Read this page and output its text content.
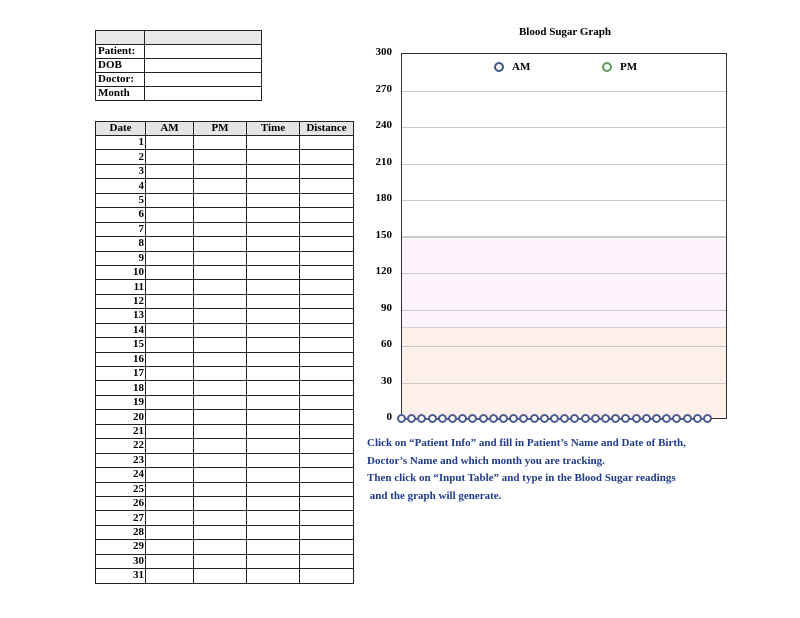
Patient:	
DOB	
Doctor:	
Month	
Date	AM	PM	Time	Distance
1				
2				
3				
4				
5				
6				
7				
8				
9				
10				
11				
12				
13				
14				
15				
16				
17				
18				
19				
20				
21				
22				
23				
24				
25				
26				
27				
28				
29				
30				
31				
Blood Sugar Graph
300
270
240
210
180
150
120
90
60
30
0
AM	PM
Click on “Patient Info” and fill in Patient’s Name and Date of Birth,
Doctor’s Name and which month you are tracking.
Then click on “Input Table” and type in the Blood Sugar readings
and the graph will generate.
